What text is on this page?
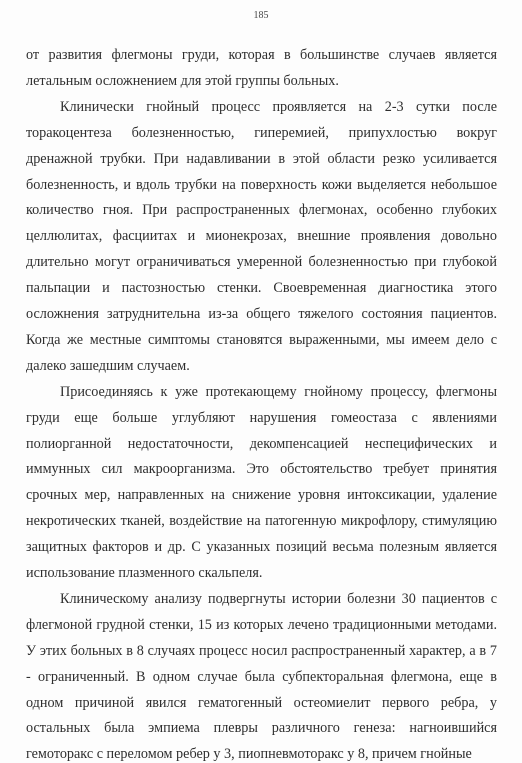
185
от развития флегмоны груди, которая в большинстве случаев является
летальным осложнением для этой группы больных.
Клинически гнойный процесс проявляется на 2-3 сутки после
торакоцентеза болезненностью, гиперемией, припухлостью вокруг
дренажной трубки. При надавливании в этой области резко усиливается
болезненность, и вдоль трубки на поверхность кожи выделяется небольшое
количество гноя. При распространенных флегмонах, особенно глубоких
целлюлитах, фасциитах и мионекрозах, внешние проявления довольно
длительно могут ограничиваться умеренной болезненностью при глубокой
пальпации и пастозностью стенки. Своевременная диагностика этого
осложнения затруднительна из-за общего тяжелого состояния пациентов.
Когда же местные симптомы становятся выраженными, мы имеем дело с
далеко зашедшим случаем.
Присоединяясь к уже протекающему гнойному процессу, флегмоны
груди еще больше углубляют нарушения гомеостаза с явлениями
полиорганной недостаточности, декомпенсацией неспецифических и
иммунных сил макроорганизма. Это обстоятельство требует принятия
срочных мер, направленных на снижение уровня интоксикации, удаление
некротических тканей, воздействие на патогенную микрофлору, стимуляцию
защитных факторов и др. С указанных позиций весьма полезным является
использование плазменного скальпеля.
Клиническому анализу подвергнуты истории болезни 30 пациентов с
флегмоной грудной стенки, 15 из которых лечено традиционными методами.
У этих больных в 8 случаях процесс носил распространенный характер, а в 7
- ограниченный. В одном случае была субпекторальная флегмона, еще в
одном причиной явился гематогенный остеомиелит первого ребра, у
остальных была эмпиема плевры различного генеза: нагноившийся
гемоторакс с переломом ребер у 3, пиопневмоторакс у 8, причем гнойные
